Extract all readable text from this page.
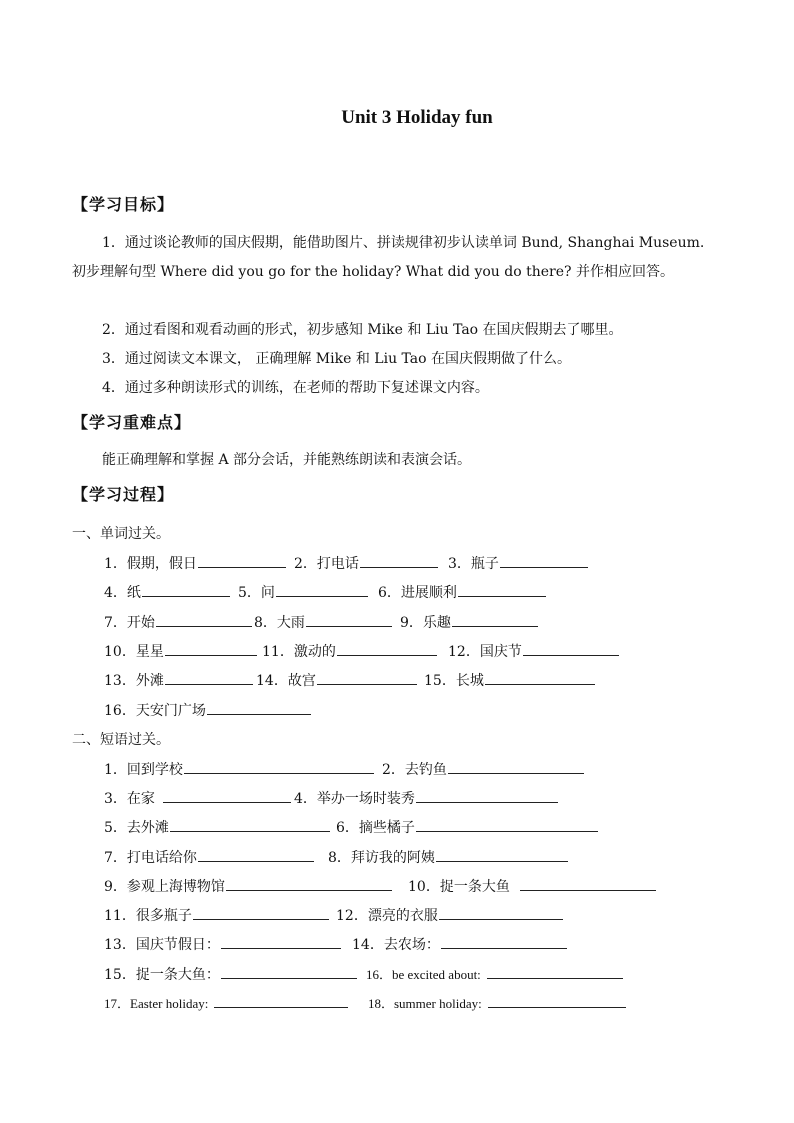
Unit 3 Holiday fun
【学习目标】
1．通过谈论教师的国庆假期，能借助图片、拼读规律初步认读单词 Bund, Shanghai Museum. 初步理解句型 Where did you go for the holiday? What did you do there? 并作相应回答。
2．通过看图和观看动画的形式，初步感知 Mike 和 Liu Tao 在国庆假期去了哪里。
3．通过阅读文本课文， 正确理解 Mike 和 Liu Tao 在国庆假期做了什么。
4．通过多种朗读形式的训练，在老师的帮助下复述课文内容。
【学习重难点】
能正确理解和掌握 A 部分会话，并能熟练朗读和表演会话。
【学习过程】
一、单词过关。
1．假期，假日	2．打电话	3．瓶子
4．纸	5．问	6．进展顺利
7．开始	8．大雨	9．乐趣
10．星星	11．激动的	12．国庆节
13．外滩	14．故宫	15．长城
16．天安门广场
二、短语过关。
1．回到学校	2．去钓鱼
3．在家	4．举办一场时装秀
5．去外滩	6．摘些橘子
7．打电话给你	8．拜访我的阿姨
9．参观上海博物馆	10．捉一条大鱼
11．很多瓶子	12．漂亮的衣服
13．国庆节假日：	14．去农场：
15．捉一条大鱼：	16．be excited about:
17．Easter holiday:	18．summer holiday:
